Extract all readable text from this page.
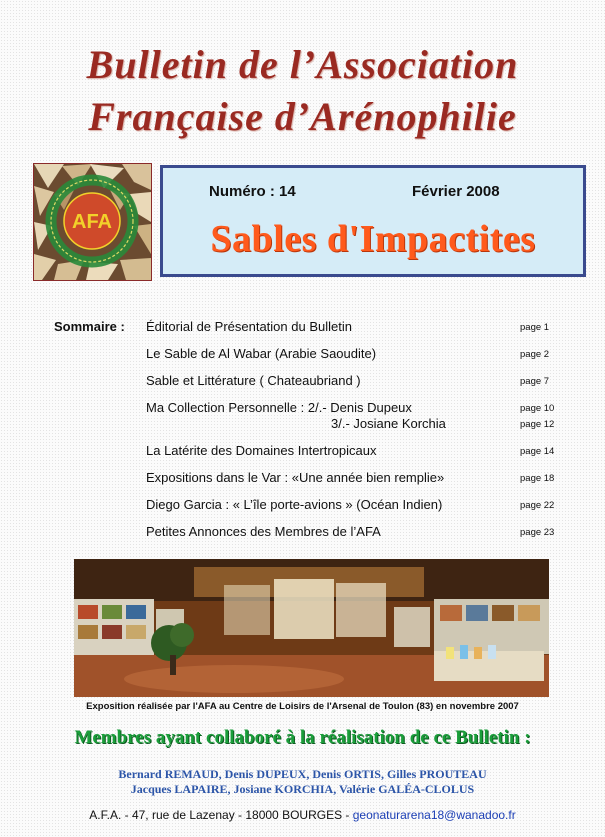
Bulletin de l’Association
Française d’Arénophilie
AFA
Numéro : 14	Février 2008
Sables d'Impactites
Sommaire : Éditorial de Présentation du Bulletin	page 1
Le Sable de Al Wabar (Arabie Saoudite)	page 2
Sable et Littérature ( Chateaubriand )	page 7
Ma Collection Personnelle : 2/.- Denis Dupeux	page 10
3/.- Josiane Korchia	page 12
La Latérite des Domaines Intertropicaux	page 14
Expositions dans le Var : «Une année bien remplie»	page 18
Diego Garcia : « L’île porte-avions » (Océan Indien)	page 22
Petites Annonces des Membres de l’AFA	page 23
Exposition réalisée par l'AFA au Centre de Loisirs de l'Arsenal de Toulon (83) en novembre 2007
Membres ayant collaboré à la réalisation de ce Bulletin :
Bernard REMAUD, Denis DUPEUX, Denis ORTIS, Gilles PROUTEAU
Jacques LAPAIRE, Josiane KORCHIA, Valérie GALÉA-CLOLUS
A.F.A. - 47, rue de Lazenay - 18000 BOURGES - geonaturarena18@wanadoo.fr
